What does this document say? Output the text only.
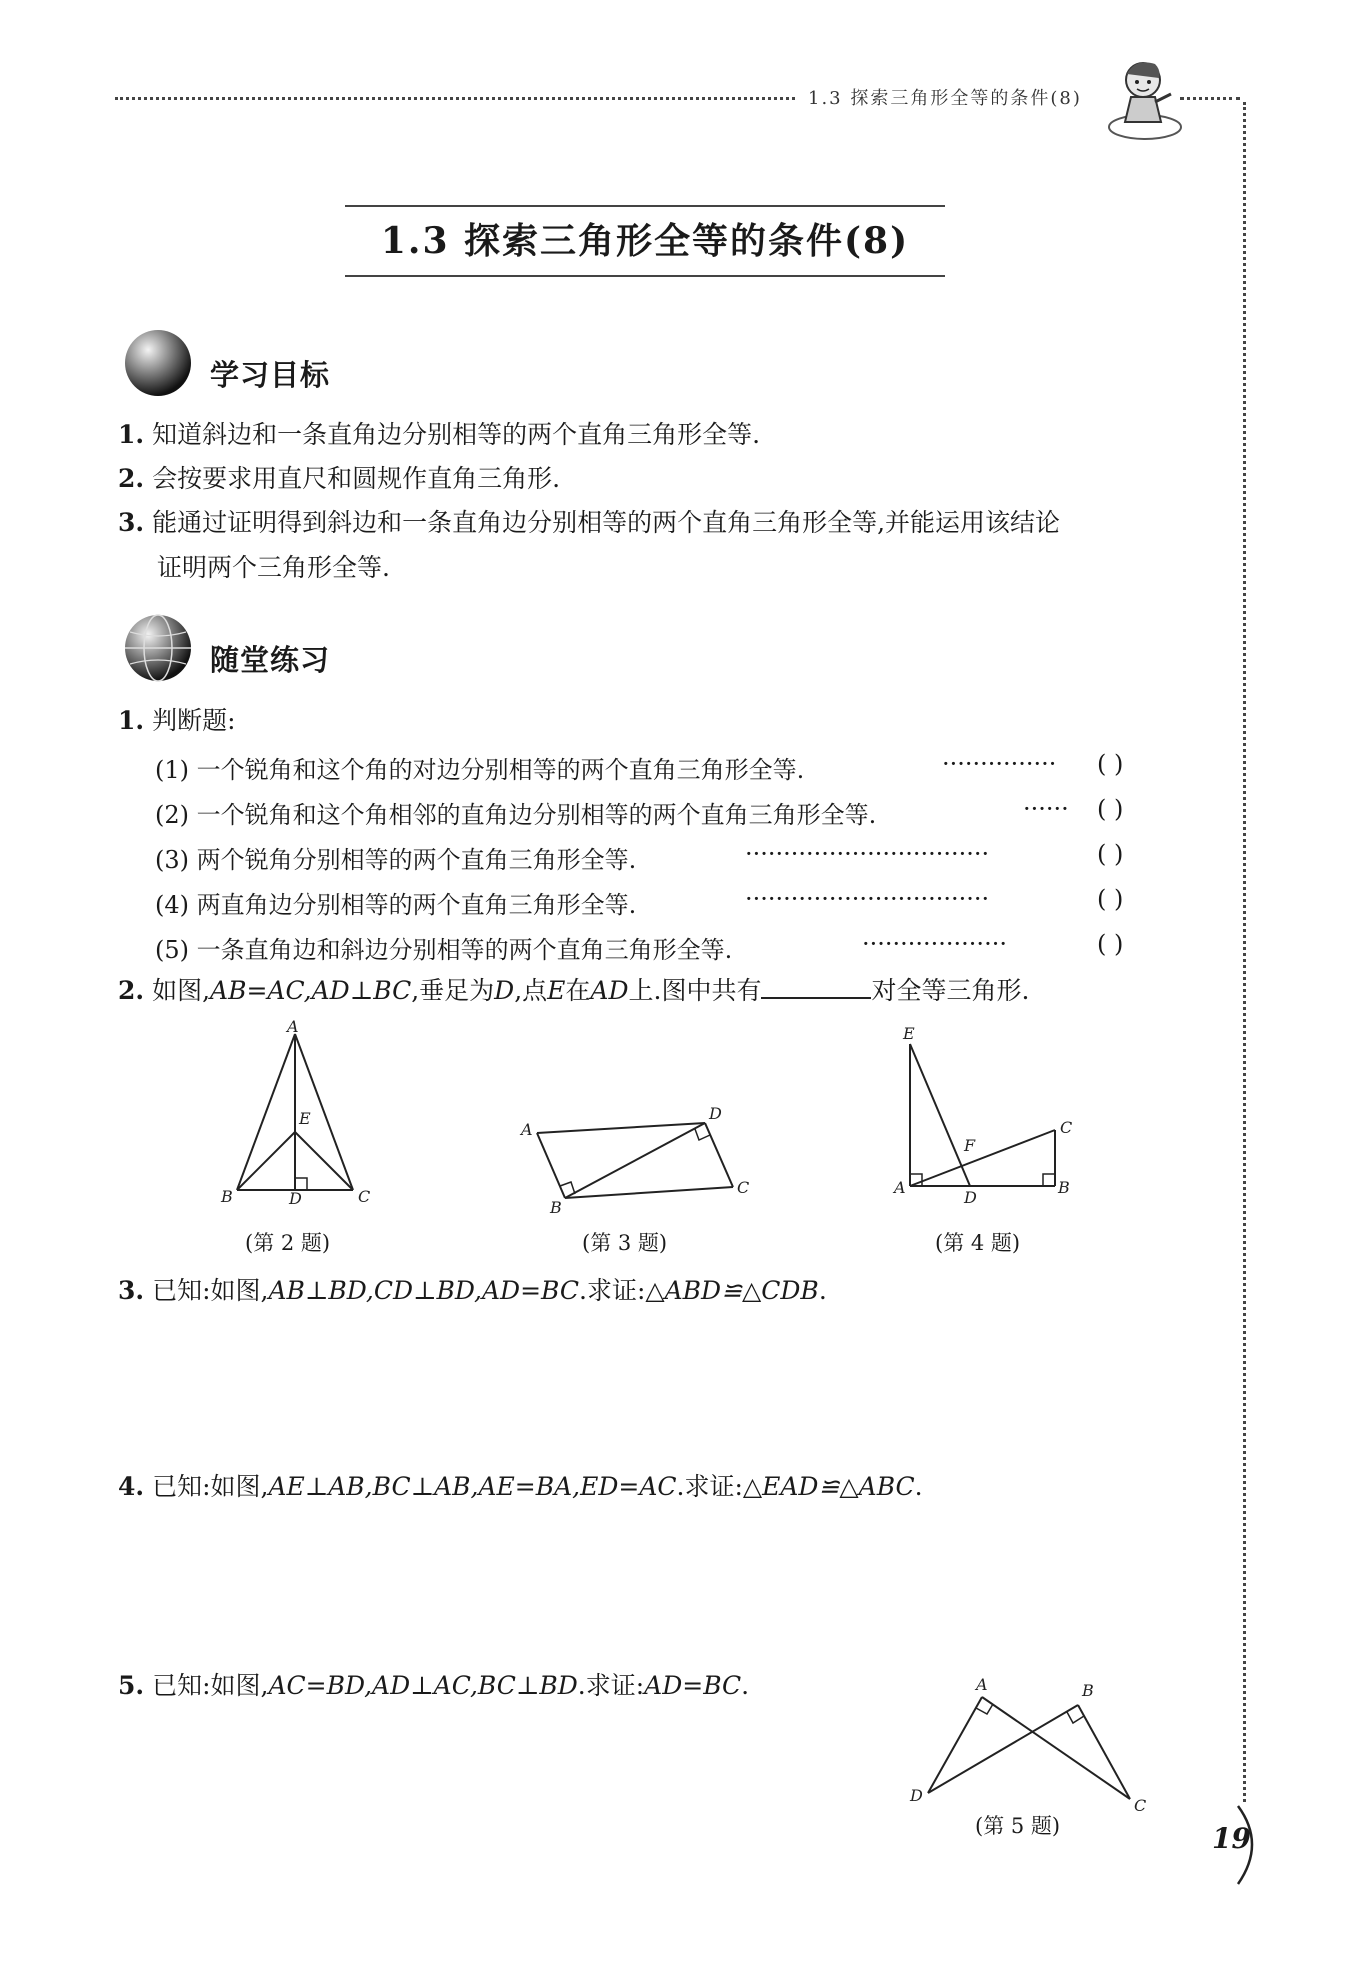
1.3 探索三角形全等的条件(8)
1.3 探索三角形全等的条件(8)
学习目标
1. 知道斜边和一条直角边分别相等的两个直角三角形全等.
2. 会按要求用直尺和圆规作直角三角形.
3. 能通过证明得到斜边和一条直角边分别相等的两个直角三角形全等,并能运用该结论
证明两个三角形全等.
随堂练习
1. 判断题:
(1) 一个锐角和这个角的对边分别相等的两个直角三角形全等.	··············· ( )
(2) 一个锐角和这个角相邻的直角边分别相等的两个直角三角形全等.	······ ( )
(3) 两个锐角分别相等的两个直角三角形全等.	································	( )
(4) 两直角边分别相等的两个直角三角形全等.	································	( )
(5) 一条直角边和斜边分别相等的两个直角三角形全等.	···················	( )
2. 如图,AB=AC,AD⊥BC,垂足为D,点E在AD上.图中共有	对全等三角形.
A
E
B	D	C
(第 2 题)
A
D
C
B
(第 3 题)
E
F
C
A
D
B
(第 4 题)
3. 已知:如图,AB⊥BD,CD⊥BD,AD=BC.求证:△ABD≌△CDB.
4. 已知:如图,AE⊥AB,BC⊥AB,AE=BA,ED=AC.求证:△EAD≌△ABC.
5. 已知:如图,AC=BD,AD⊥AC,BC⊥BD.求证:AD=BC.	A	B
D
C
(第 5 题)	19
